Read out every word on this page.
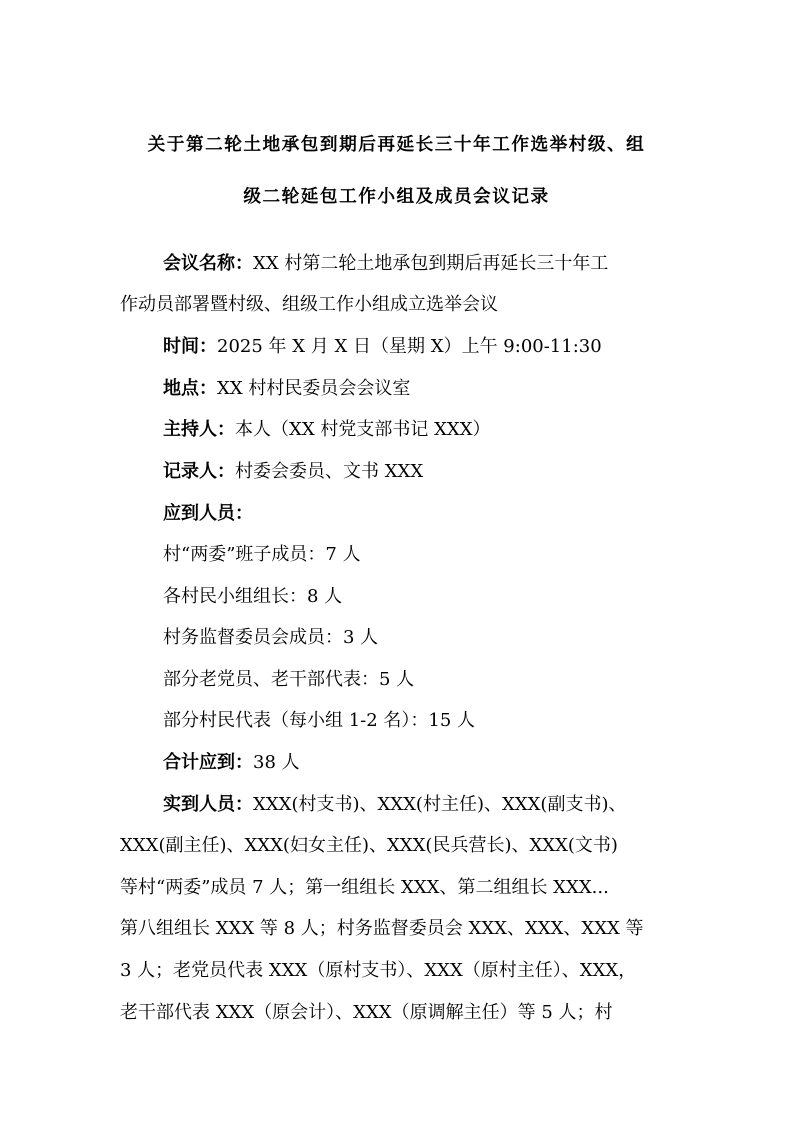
关于第二轮土地承包到期后再延长三十年工作选举村级、组
级二轮延包工作小组及成员会议记录
会议名称：XX 村第二轮土地承包到期后再延长三十年工
作动员部署暨村级、组级工作小组成立选举会议
时间：2025 年 X 月 X 日（星期 X）上午 9:00-11:30
地点：XX 村村民委员会会议室
主持人：本人（XX 村党支部书记 XXX）
记录人：村委会委员、文书 XXX
应到人员：
村“两委”班子成员：7 人
各村民小组组长：8 人
村务监督委员会成员：3 人
部分老党员、老干部代表：5 人
部分村民代表（每小组 1-2 名）：15 人
合计应到：38 人
实到人员：XXX(村支书)、XXX(村主任)、XXX(副支书)、
XXX(副主任)、XXX(妇女主任)、XXX(民兵营长)、XXX(文书)
等村“两委”成员 7 人；第一组组长 XXX、第二组组长 XXX...
第八组组长 XXX 等 8 人；村务监督委员会 XXX、XXX、XXX 等
3 人；老党员代表 XXX（原村支书）、XXX（原村主任）、XXX，
老干部代表 XXX（原会计）、XXX（原调解主任）等 5 人；村
